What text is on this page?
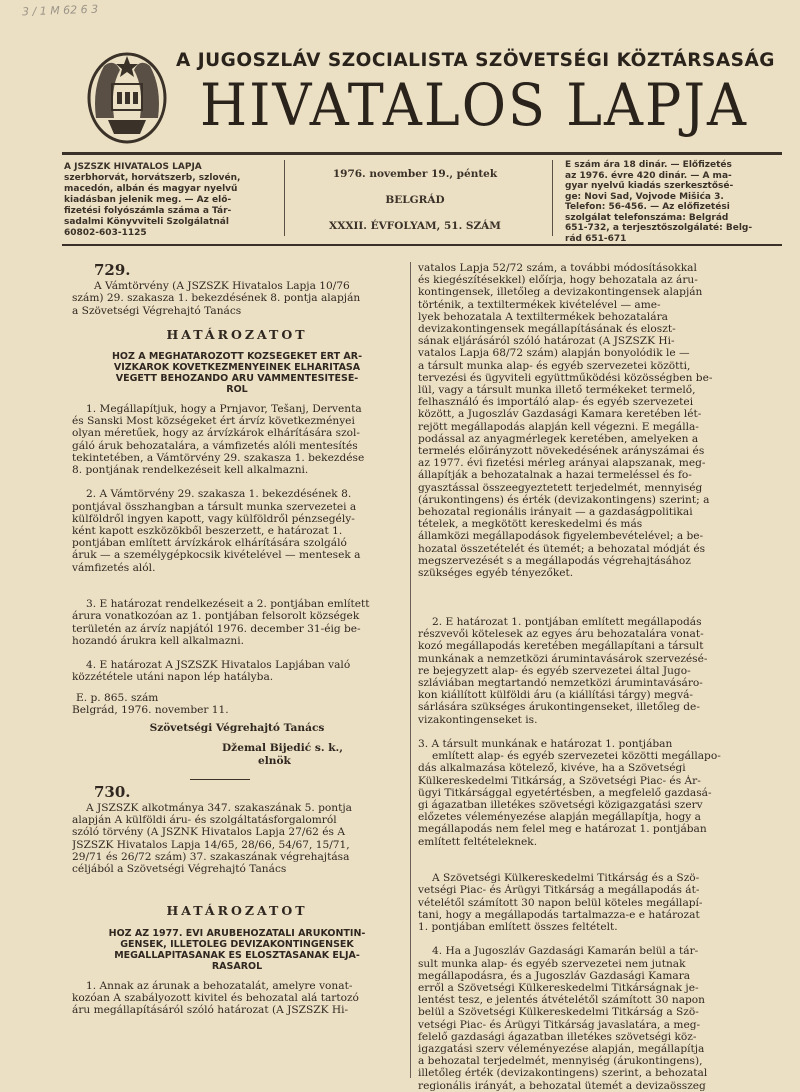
3 / 1 M 62 6 3
A JUGOSZLÁV SZOCIALISTA SZÖVETSÉGI KÖZTÁRSASÁG
HIVATALOS LAPJA
A JSZSZK HIVATALOS LAPJA
szerbhorvát, horvátszerb, szlovén,
macedón, albán és magyar nyelvű
kiadásban jelenik meg. — Az elő-
fizetési folyószámla száma a Tár-
sadalmi Könyvviteli Szolgálatnál
60802-603-1125
1976. november 19., péntek
BELGRÁD
XXXII. ÉVFOLYAM, 51. SZÁM
E szám ára 18 dinár. — Előfizetés
az 1976. évre 420 dinár. — A ma-
gyar nyelvű kiadás szerkesztősé-
ge: Novi Sad, Vojvode Mišića 3.
Telefon: 56-456. — Az előfizetési
szolgálat telefonszáma: Belgrád
651-732, a terjesztőszolgálaté: Belg-
rád 651-671
729.

A Vámtörvény (A JSZSZK Hivatalos Lapja 10/76
szám) 29. szakasza 1. bekezdésének 8. pontja alapján
a Szövetségi Végrehajtó Tanács

HATÁROZATOT
HOZ A MEGHATÁROZOTT KÖZSÉGEKET ÉRT ÁR-
VÍZKÁROK KÖVETKEZMÉNYEINEK ELHÁRÍTÁSA
VÉGETT BEHOZANDÓ ÁRU VÁMMENTESÍTÉSÉ-
RŐL

1. Megállapítjuk, hogy a Prnjavor, Tešanj, Derventa
és Sanski Most községeket ért árvíz következményei
olyan méretűek, hogy az árvízkárok elhárítására szol-
gáló áruk behozatalára, a vámfizetés alóli mentesítés
tekintetében, a Vámtörvény 29. szakasza 1. bekezdése
8. pontjának rendelkezéseit kell alkalmazni.

2. A Vámtörvény 29. szakasza 1. bekezdésének 8.
pontjával összhangban a társult munka szervezetei a
külföldről ingyen kapott, vagy külföldről pénzsegély-
ként kapott eszközökből beszerzett, e határozat 1.
pontjában említett árvízkárok elhárítására szolgáló
áruk — a személygépkocsik kivételével — mentesek a
vámfizetés alól.

3. E határozat rendelkezéseit a 2. pontjában említett
árura vonatkozóan az 1. pontjában felsorolt községek
területén az árvíz napjától 1976. december 31-éig be-
hozandó árukra kell alkalmazni.

4. E határozat A JSZSZK Hivatalos Lapjában való
közzététele utáni napon lép hatályba.

E. p. 865. szám
Belgrád, 1976. november 11.

Szövetségi Végrehajtó Tanács
Džemal Bijedić s. k.,
elnök
730.

A JSZSZK alkotmánya 347. szakaszának 5. pontja
alapján A külföldi áru- és szolgáltatásforgalomról
szóló törvény (A JSZNK Hivatalos Lapja 27/62 és A
JSZSZK Hivatalos Lapja 14/65, 28/66, 54/67, 15/71,
29/71 és 26/72 szám) 37. szakaszának végrehajtása
céljából a Szövetségi Végrehajtó Tanács

HATÁROZATOT
HOZ AZ 1977. ÉVI ÁRUBEHOZATALI ÁRUKONTIN-
GENSEK, ILLETŐLEG DEVIZAKONTINGENSEK
MEGÁLLAPÍTÁSÁNAK ÉS ELOSZTÁSÁNAK ELJÁ-
RÁSÁRÓL

1. Annak az árunak a behozatalát, amelyre vonat-
kozóan A szabályozott kivitel és behozatal alá tartozó
áru megállapításáról szóló határozat (A JSZSZK Hi-

vatalos Lapja 52/72 szám, a további módosításokkal
és kiegészítésekkel) előírja, hogy behozatala az áru-
kontingensek, illetőleg a devizakontingensek alapján
történik, a textiltermékek kivételével — ame-
lyek behozatala A textiltermékek behozatalára
devizakontingensek megállapításának és eloszt-
sának eljárásáról szóló határozat (A JSZSZK Hi-
vatalos Lapja 68/72 szám) alapján bonyolódik le —
a társult munka alap- és egyéb szervezetei közötti,
tervezési és ügyviteli együttműködési közösségben be-
lül, vagy a társult munka illető termékeket termelő,
felhasználó és importáló alap- és egyéb szervezetei
között, a Jugoszláv Gazdasági Kamara keretében lét-
rejött megállapodás alapján kell végezni. E megálla-
podással az anyagmérlegek keretében, amelyeken a
termelés előirányzott növekedésének arányszámai és
az 1977. évi fizetési mérleg arányai alapszanak, meg-
állapítják a behozatalnak a hazai termeléssel és fo-
gyasztással összeegyeztetett terjedelmét, mennyiség
(árukontingens) és érték (devizakontingens) szerint; a
behozatal regionális irányait — a gazdaságpolitikai
tételek, a megkötött kereskedelmi és más
államközi megállapodások figyelembevételével; a be-
hozatal összetételét és ütemét; a behozatal módját és
megszervezését s a megállapodás végrehajtásához
szükséges egyéb tényezőket.

2. E határozat 1. pontjában említett megállapodás
részvevői kötelesek az egyes áru behozatalára vonat-
kozó megállapodás keretében megállapítani a társult
munkának a nemzetközi árumintavásárok szervezésé-
re bejegyzett alap- és egyéb szervezetei által Jugo-
szláviában megtartandó nemzetközi árumintavásáro-
kon kiállított külföldi áru (a kiállítási tárgy) megvá-
sárlására szükséges árukontingenseket, illetőleg de-
vizakontingenseket is.

3. A társult munkának e határozat 1. pontjában
említett alap- és egyéb szervezetei közötti megállapo-
dás alkalmazása kötelező, kivéve, ha a Szövetségi
Külkereskedelmi Titkárság, a Szövetségi Piac- és Ár-
ügyi Titkársággal egyetértésben, a megfelelő gazdasá-
gi ágazatban illetékes szövetségi közigazgatási szerv
előzetes véleményezése alapján megállapítja, hogy a
megállapodás nem felel meg e határozat 1. pontjában
említett feltételeknek.

A Szövetségi Külkereskedelmi Titkárság és a Szö-
vetségi Piac- és Árügyi Titkárság a megállapodás át-
vételétől számított 30 napon belül köteles megállapí-
tani, hogy a megállapodás tartalmazza-e e határozat
1. pontjában említett összes feltételt.

4. Ha a Jugoszláv Gazdasági Kamarán belül a tár-
sult munka alap- és egyéb szervezetei nem jutnak
megállapodásra, és a Jugoszláv Gazdasági Kamara
erről a Szövetségi Külkereskedelmi Titkárságnak je-
lentést tesz, e jelentés átvételétől számított 30 napon
belül a Szövetségi Külkereskedelmi Titkárság a Szö-
vetségi Piac- és Árügyi Titkárság javaslatára, a meg-
felelő gazdasági ágazatban illetékes szövetségi köz-
igazgatási szerv véleményezése alapján, megállapítja
a behozatal terjedelmét, mennyiség (árukontingens),
illetőleg érték (devizakontingens) szerint, a behozatal
regionális irányát, a behozatal ütemét a devizaösszeg
